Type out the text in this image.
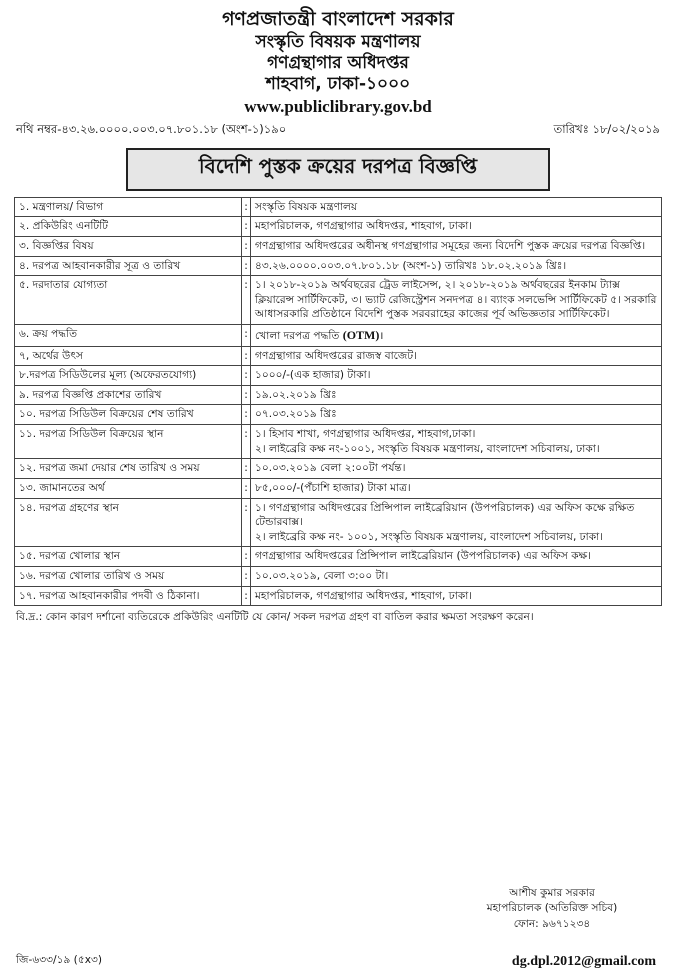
গণপ্রজাতন্ত্রী বাংলাদেশ সরকার
সংস্কৃতি বিষয়ক মন্ত্রণালয়
গণগ্রন্থাগার অধিদপ্তর
শাহবাগ, ঢাকা-১০০০
www.publiclibrary.gov.bd
নথি নম্বর-৪৩.২৬.০০০০.০০৩.০৭.৮০১.১৮ (অংশ-১)১৯০	তারিখঃ ১৮/০২/২০১৯
বিদেশি পুস্তক ক্রয়ের দরপত্র বিজ্ঞপ্তি
১. মন্ত্রণালয়/ বিভাগ	:	সংস্কৃতি বিষয়ক মন্ত্রণালয়
২. প্রকিউরিং এনটিটি	:	মহাপরিচালক, গণগ্রন্থাগার অধিদপ্তর, শাহবাগ, ঢাকা।
৩. বিজ্ঞপ্তির বিষয়	:	গণগ্রন্থাগার অধিদপ্তরের অধীনস্থ গণগ্রন্থাগার সমূহের জন্য বিদেশি পুস্তক ক্রয়ের দরপত্র বিজ্ঞপ্তি।
৪. দরপত্র আহবানকারীর সূত্র ও তারিখ	:	৪৩.২৬.০০০০.০০৩.০৭.৮০১.১৮ (অংশ-১) তারিখঃ ১৮.০২.২০১৯ খ্রিঃ।
৫. দরদাতার যোগ্যতা	:	১। ২০১৮-২০১৯ অর্থবছরের ট্রেড লাইসেন্স, ২। ২০১৮-২০১৯ অর্থবছরের ইনকাম ট্যাক্স ক্লিয়ারেন্স সার্টিফিকেট, ৩। ভ্যাট রেজিস্ট্রেশন সনদপত্র ৪। ব্যাংক সলভেন্সি সার্টিফিকেট ৫। সরকারি আধাসরকারি প্রতিষ্ঠানে বিদেশি পুস্তক সরবরাহের কাজের পূর্ব অভিজ্ঞতার সার্টিফিকেট।
৬. ক্রয় পদ্ধতি	:	খোলা দরপত্র পদ্ধতি (OTM)।
৭, অর্থের উৎস	:	গণগ্রন্থাগার অধিদপ্তরের রাজস্ব বাজেট।
৮.দরপত্র সিডিউলের মূল্য (অফেরতযোগ্য)	:	১০০০/-(এক হাজার) টাকা।
৯. দরপত্র বিজ্ঞপ্তি প্রকাশের তারিখ	:	১৯.০২.২০১৯ খ্রিঃ
১০. দরপত্র সিডিউল বিক্রয়ের শেষ তারিখ	:	০৭.০৩.২০১৯ খ্রিঃ
১১. দরপত্র সিডিউল বিক্রয়ের স্থান	:	১। হিসাব শাখা, গণগ্রন্থাগার অধিদপ্তর, শাহবাগ,ঢাকা।
২। লাইব্রেরি কক্ষ নং-১০০১, সংস্কৃতি বিষয়ক মন্ত্রণালয়, বাংলাদেশ সচিবালয়, ঢাকা।

১২. দরপত্র জমা দেয়ার শেষ তারিখ ও সময়	:	১০.০৩.২০১৯ বেলা ২:০০টা পর্যন্ত।
১৩. জামানতের অর্থ	:	৮৫,০০০/-(পঁচাশি হাজার) টাকা মাত্র।
১৪. দরপত্র গ্রহণের স্থান	:	১। গণগ্রন্থাগার অধিদপ্তরের প্রিন্সিপাল লাইব্রেরিয়ান (উপপরিচালক) এর অফিস কক্ষে রক্ষিত টেন্ডারবাক্স।
২। লাইব্রেরি কক্ষ নং- ১০০১, সংস্কৃতি বিষয়ক মন্ত্রণালয়, বাংলাদেশ সচিবালয়, ঢাকা।

১৫. দরপত্র খোলার স্থান	:	গণগ্রন্থাগার অধিদপ্তরের প্রিন্সিপাল লাইব্রেরিয়ান (উপপরিচালক) এর অফিস কক্ষ।
১৬. দরপত্র খোলার তারিখ ও সময়	:	১০.০৩.২০১৯, বেলা ৩:০০ টা।
১৭. দরপত্র আহবানকারীর পদবী ও ঠিকানা।	:	মহাপরিচালক, গণগ্রন্থাগার অধিদপ্তর, শাহবাগ, ঢাকা।
বি.দ্র.: কোন কারণ দর্শানো ব্যতিরেকে প্রকিউরিং এনটিটি যে কোন/ সকল দরপত্র গ্রহণ বা বাতিল করার ক্ষমতা সংরক্ষণ করেন।
আশীষ কুমার সরকার
মহাপরিচালক (অতিরিক্ত সচিব)
ফোন: ৯৬৭১২৩৪
জি-৬৩৩/১৯ (৫x৩)	dg.dpl.2012@gmail.com
